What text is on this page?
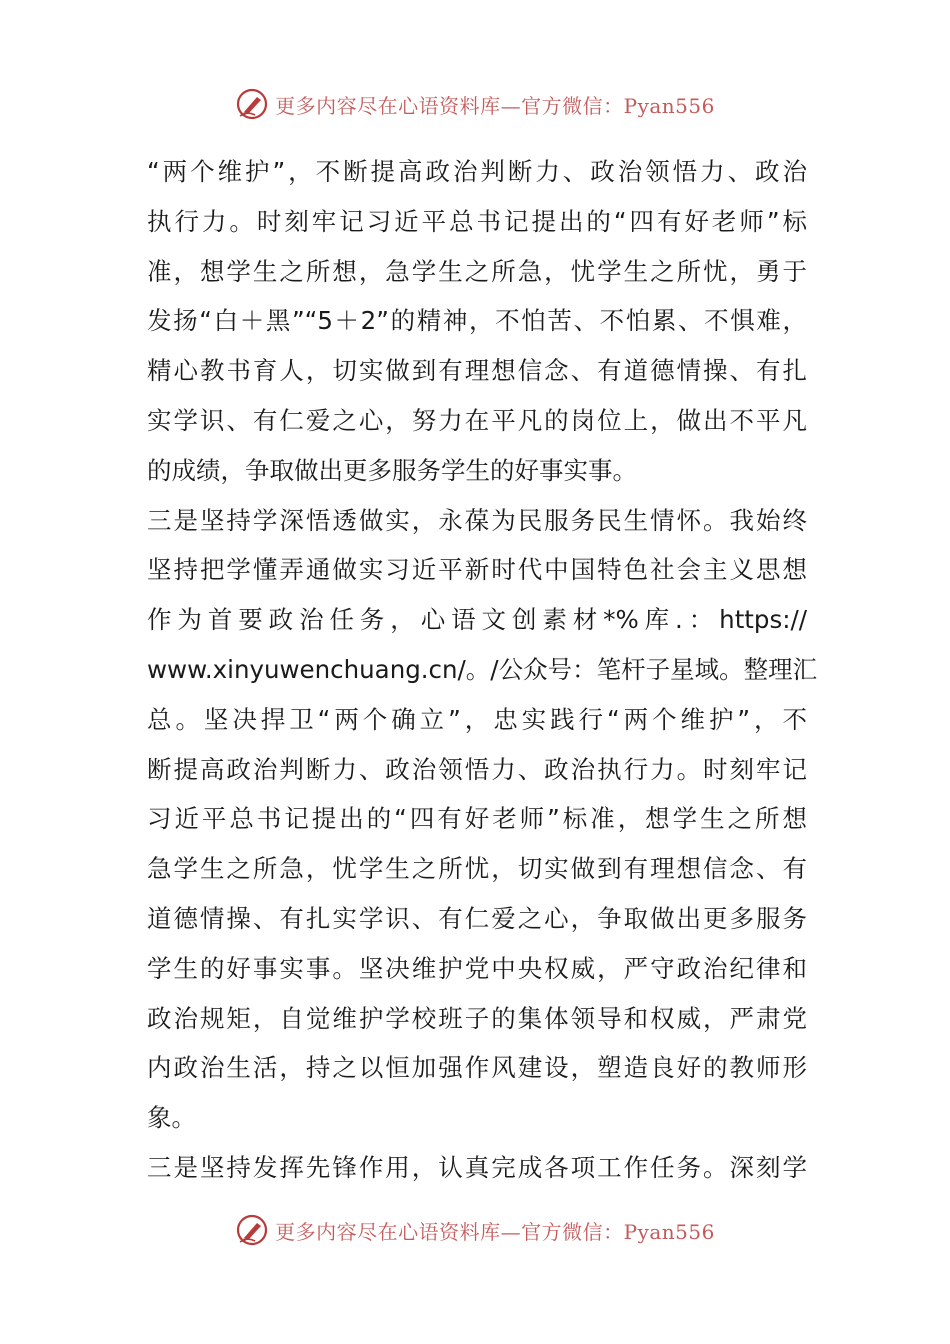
更多内容尽在心语资料库—官方微信：Pyan556
“两个维护”，不断提高政治判断力、政治领悟力、政治
执行力。时刻牢记习近平总书记提出的“四有好老师”标
准，想学生之所想，急学生之所急，忧学生之所忧，勇于
发扬“白＋黑”“5＋2”的精神，不怕苦、不怕累、不惧难，
精心教书育人，切实做到有理想信念、有道德情操、有扎
实学识、有仁爱之心，努力在平凡的岗位上，做出不平凡
的成绩，争取做出更多服务学生的好事实事。
三是坚持学深悟透做实，永葆为民服务民生情怀。我始终
坚持把学懂弄通做实习近平新时代中国特色社会主义思想
作为首要政治任务，心语文创素材*%库.：https://
www.xinyuwenchuang.cn/。/公众号：笔杆子星域。整理汇
总。坚决捍卫“两个确立”，忠实践行“两个维护”，不
断提高政治判断力、政治领悟力、政治执行力。时刻牢记
习近平总书记提出的“四有好老师”标准，想学生之所想
急学生之所急，忧学生之所忧，切实做到有理想信念、有
道德情操、有扎实学识、有仁爱之心，争取做出更多服务
学生的好事实事。坚决维护党中央权威，严守政治纪律和
政治规矩，自觉维护学校班子的集体领导和权威，严肃党
内政治生活，持之以恒加强作风建设，塑造良好的教师形
象。
三是坚持发挥先锋作用，认真完成各项工作任务。深刻学
更多内容尽在心语资料库—官方微信：Pyan556
